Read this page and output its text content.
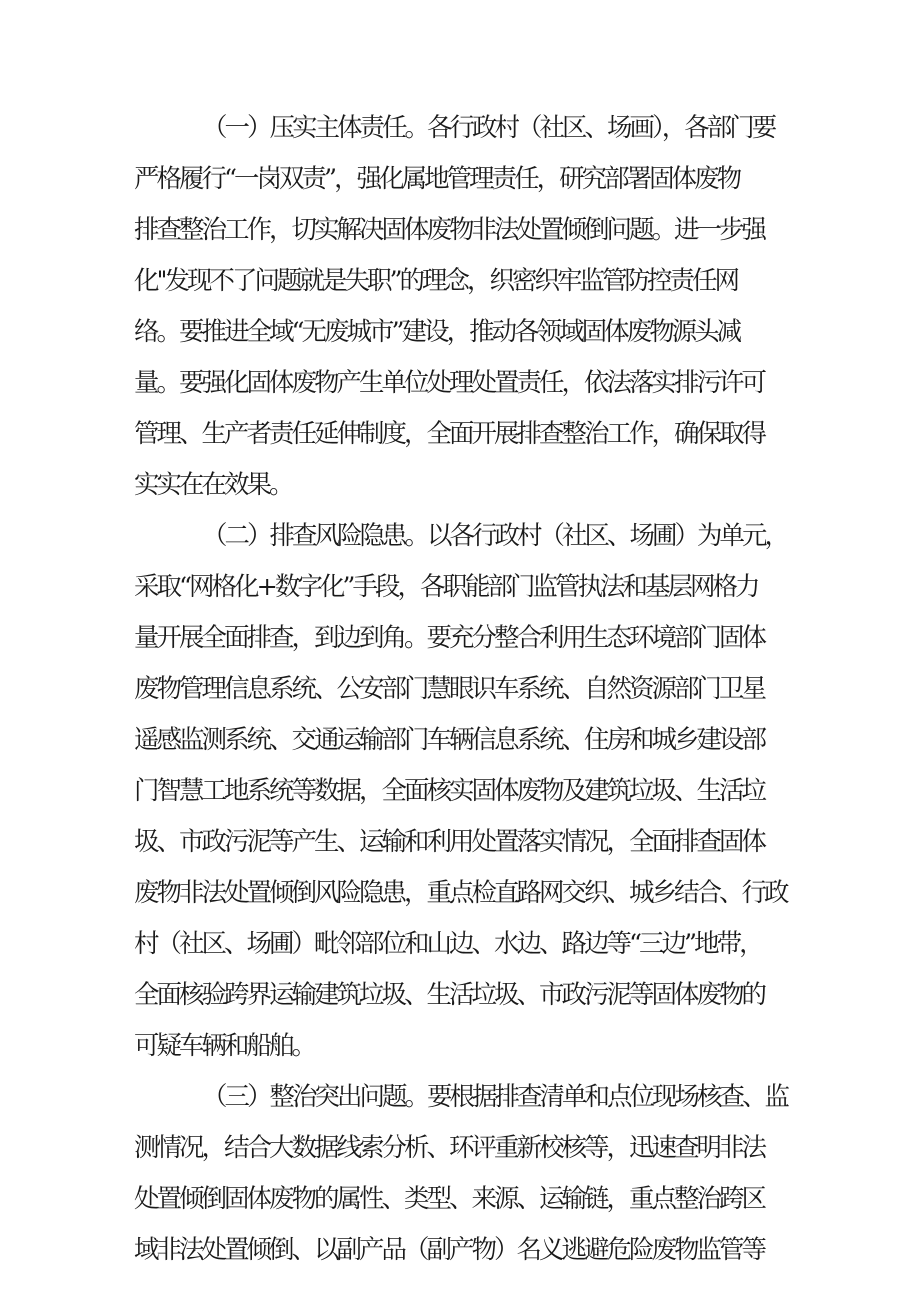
（一）压实主体责任。各行政村（社区、场画），各部门要
严格履行“一岗双责”，强化属地管理责任，研究部署固体废物
排查整治工作，切实解决固体废物非法处置倾倒问题。进一步强
化''发现不了问题就是失职”的理念，织密织牢监管防控责任网
络。要推进全域“无废城市”建设，推动各领域固体废物源头减
量。要强化固体废物产生单位处理处置责任，依法落实排污许可
管理、生产者责任延伸制度，全面开展排查整治工作，确保取得
实实在在效果。
（二）排查风险隐患。以各行政村（社区、场圃）为单元，
采取“网格化+数字化”手段，各职能部门监管执法和基层网格力
量开展全面排查，到边到角。要充分整合利用生态环境部门固体
废物管理信息系统、公安部门慧眼识车系统、自然资源部门卫星
遥感监测系统、交通运输部门车辆信息系统、住房和城乡建设部
门智慧工地系统等数据，全面核实固体废物及建筑垃圾、生活垃
圾、市政污泥等产生、运输和利用处置落实情况，全面排查固体
废物非法处置倾倒风险隐患，重点检直路网交织、城乡结合、行政
村（社区、场圃）毗邻部位和山边、水边、路边等“三边”地带，
全面核验跨界运输建筑垃圾、生活垃圾、市政污泥等固体废物的
可疑车辆和船舶。
（三）整治突出问题。要根据排查清单和点位现场核查、监
测情况，结合大数据线索分析、环评重新校核等，迅速查明非法
处置倾倒固体废物的属性、类型、来源、运输链，重点整治跨区
域非法处置倾倒、以副产品（副产物）名义逃避危险废物监管等
